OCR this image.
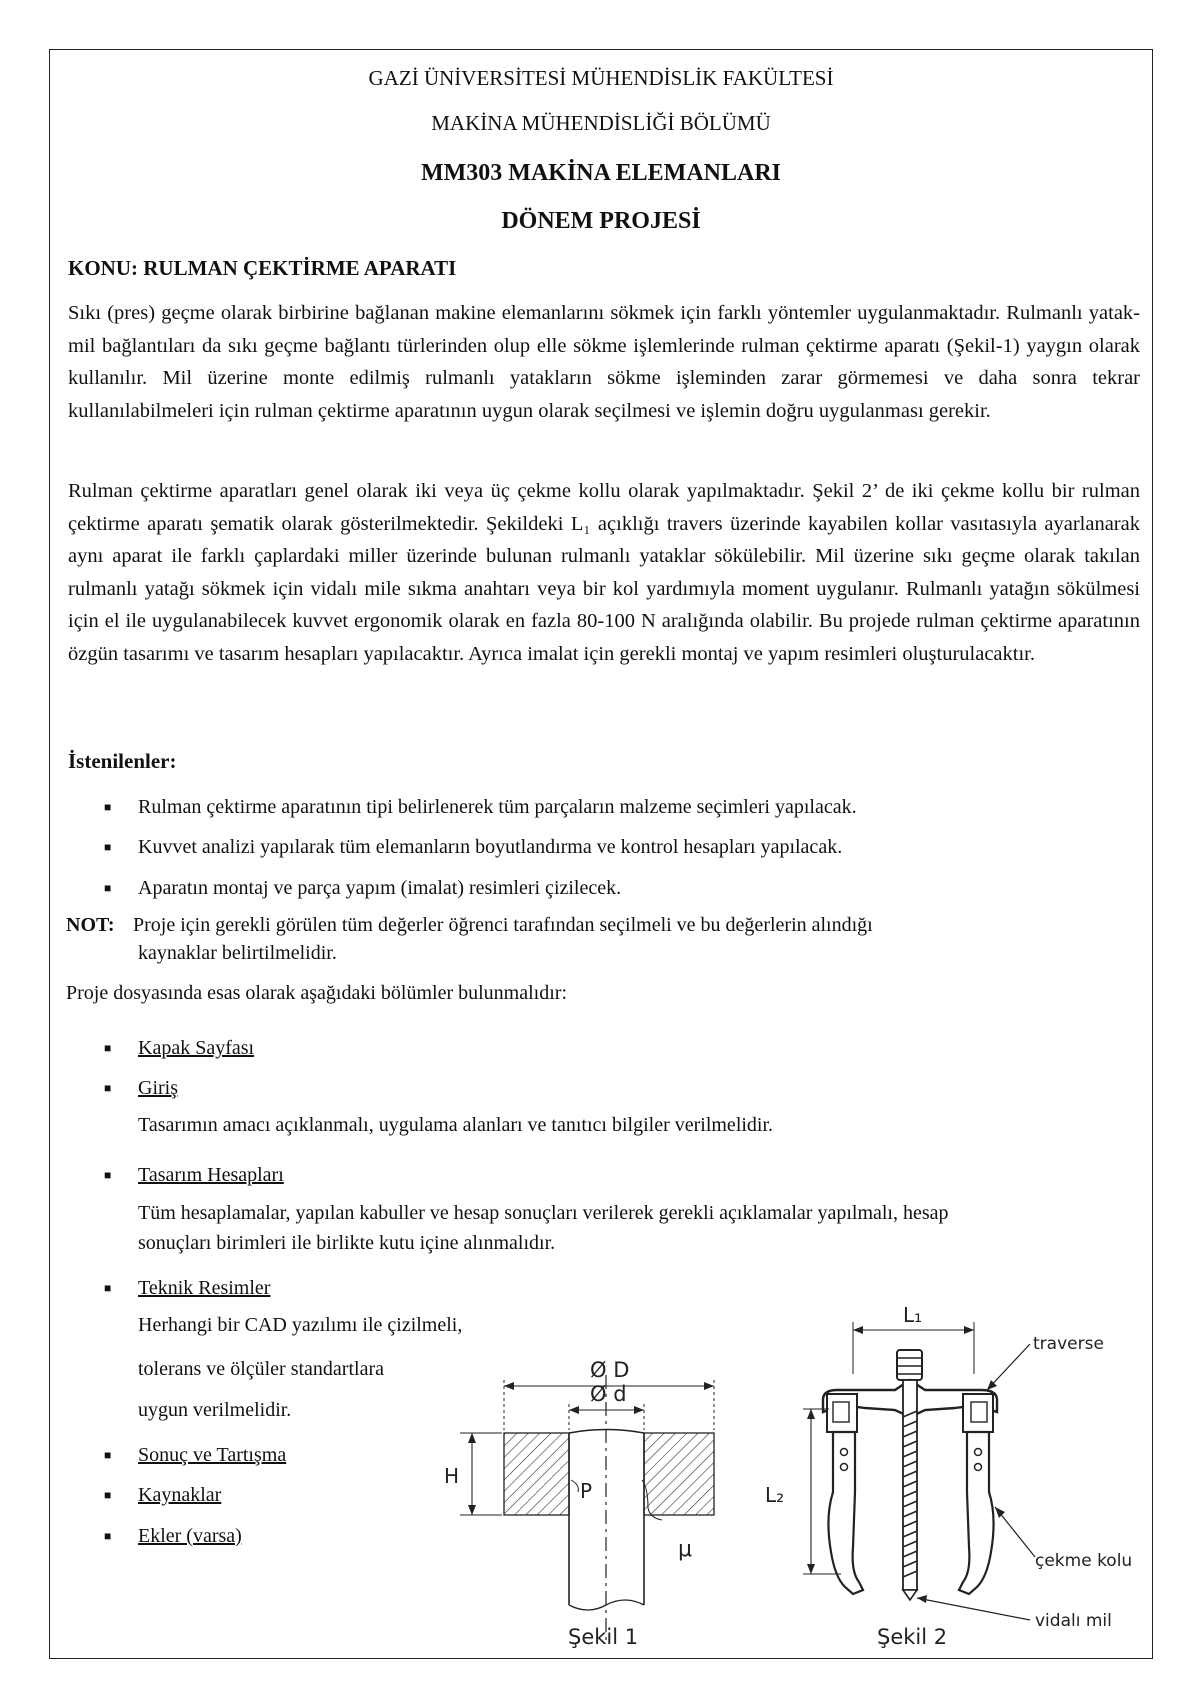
GAZİ ÜNİVERSİTESİ MÜHENDİSLİK FAKÜLTESİ
MAKİNA MÜHENDİSLİĞİ BÖLÜMÜ
MM303 MAKİNA ELEMANLARI
DÖNEM PROJESİ
KONU: RULMAN ÇEKTİRME APARATI

Sıkı (pres) geçme olarak birbirine bağlanan makine elemanlarını sökmek için farklı yöntemler uygulanmaktadır. Rulmanlı yatak-mil bağlantıları da sıkı geçme bağlantı türlerinden olup elle sökme işlemlerinde rulman çektirme aparatı (Şekil-1) yaygın olarak kullanılır. Mil üzerine monte edilmiş rulmanlı yatakların sökme işleminden zarar görmemesi ve daha sonra tekrar kullanılabilmeleri için rulman çektirme aparatının uygun olarak seçilmesi ve işlemin doğru uygulanması gerekir.

Rulman çektirme aparatları genel olarak iki veya üç çekme kollu olarak yapılmaktadır. Şekil 2’ de iki çekme kollu bir rulman çektirme aparatı şematik olarak gösterilmektedir. Şekildeki L₁ açıklığı travers üzerinde kayabilen kollar vasıtasıyla ayarlanarak aynı aparat ile farklı çaplardaki miller üzerinde bulunan rulmanlı yataklar sökülebilir. Mil üzerine sıkı geçme olarak takılan rulmanlı yatağı sökmek için vidalı mile sıkma anahtarı veya bir kol yardımıyla moment uygulanır. Rulmanlı yatağın sökülmesi için el ile uygulanabilecek kuvvet ergonomik olarak en fazla 80-100 N aralığında olabilir. Bu projede rulman çektirme aparatının özgün tasarımı ve tasarım hesapları yapılacaktır. Ayrıca imalat için gerekli montaj ve yapım resimleri oluşturulacaktır.

İstenilenler:
■ Rulman çektirme aparatının tipi belirlenerek tüm parçaların malzeme seçimleri yapılacak.
■ Kuvvet analizi yapılarak tüm elemanların boyutlandırma ve kontrol hesapları yapılacak.
■ Aparatın montaj ve parça yapım (imalat) resimleri çizilecek.
NOT: Proje için gerekli görülen tüm değerler öğrenci tarafından seçilmeli ve bu değerlerin alındığı
kaynaklar belirtilmelidir.
Proje dosyasında esas olarak aşağıdaki bölümler bulunmalıdır:
■ Kapak Sayfası
■ Giriş
Tasarımın amacı açıklanmalı, uygulama alanları ve tanıtıcı bilgiler verilmelidir.
■ Tasarım Hesapları
Tüm hesaplamalar, yapılan kabuller ve hesap sonuçları verilerek gerekli açıklamalar yapılmalı, hesap
sonuçları birimleri ile birlikte kutu içine alınmalıdır.
■ Teknik Resimler
Herhangi bir CAD yazılımı ile çizilmeli,
tolerans ve ölçüler standartlara
uygun verilmelidir.
■ Sonuç ve Tartışma
■ Kaynaklar
■ Ekler (varsa)
Ø D
Ø d
H
P
μ
Şekil 1
L₁
L₂
traverse
çekme kolu
vidalı mil
Şekil 2
